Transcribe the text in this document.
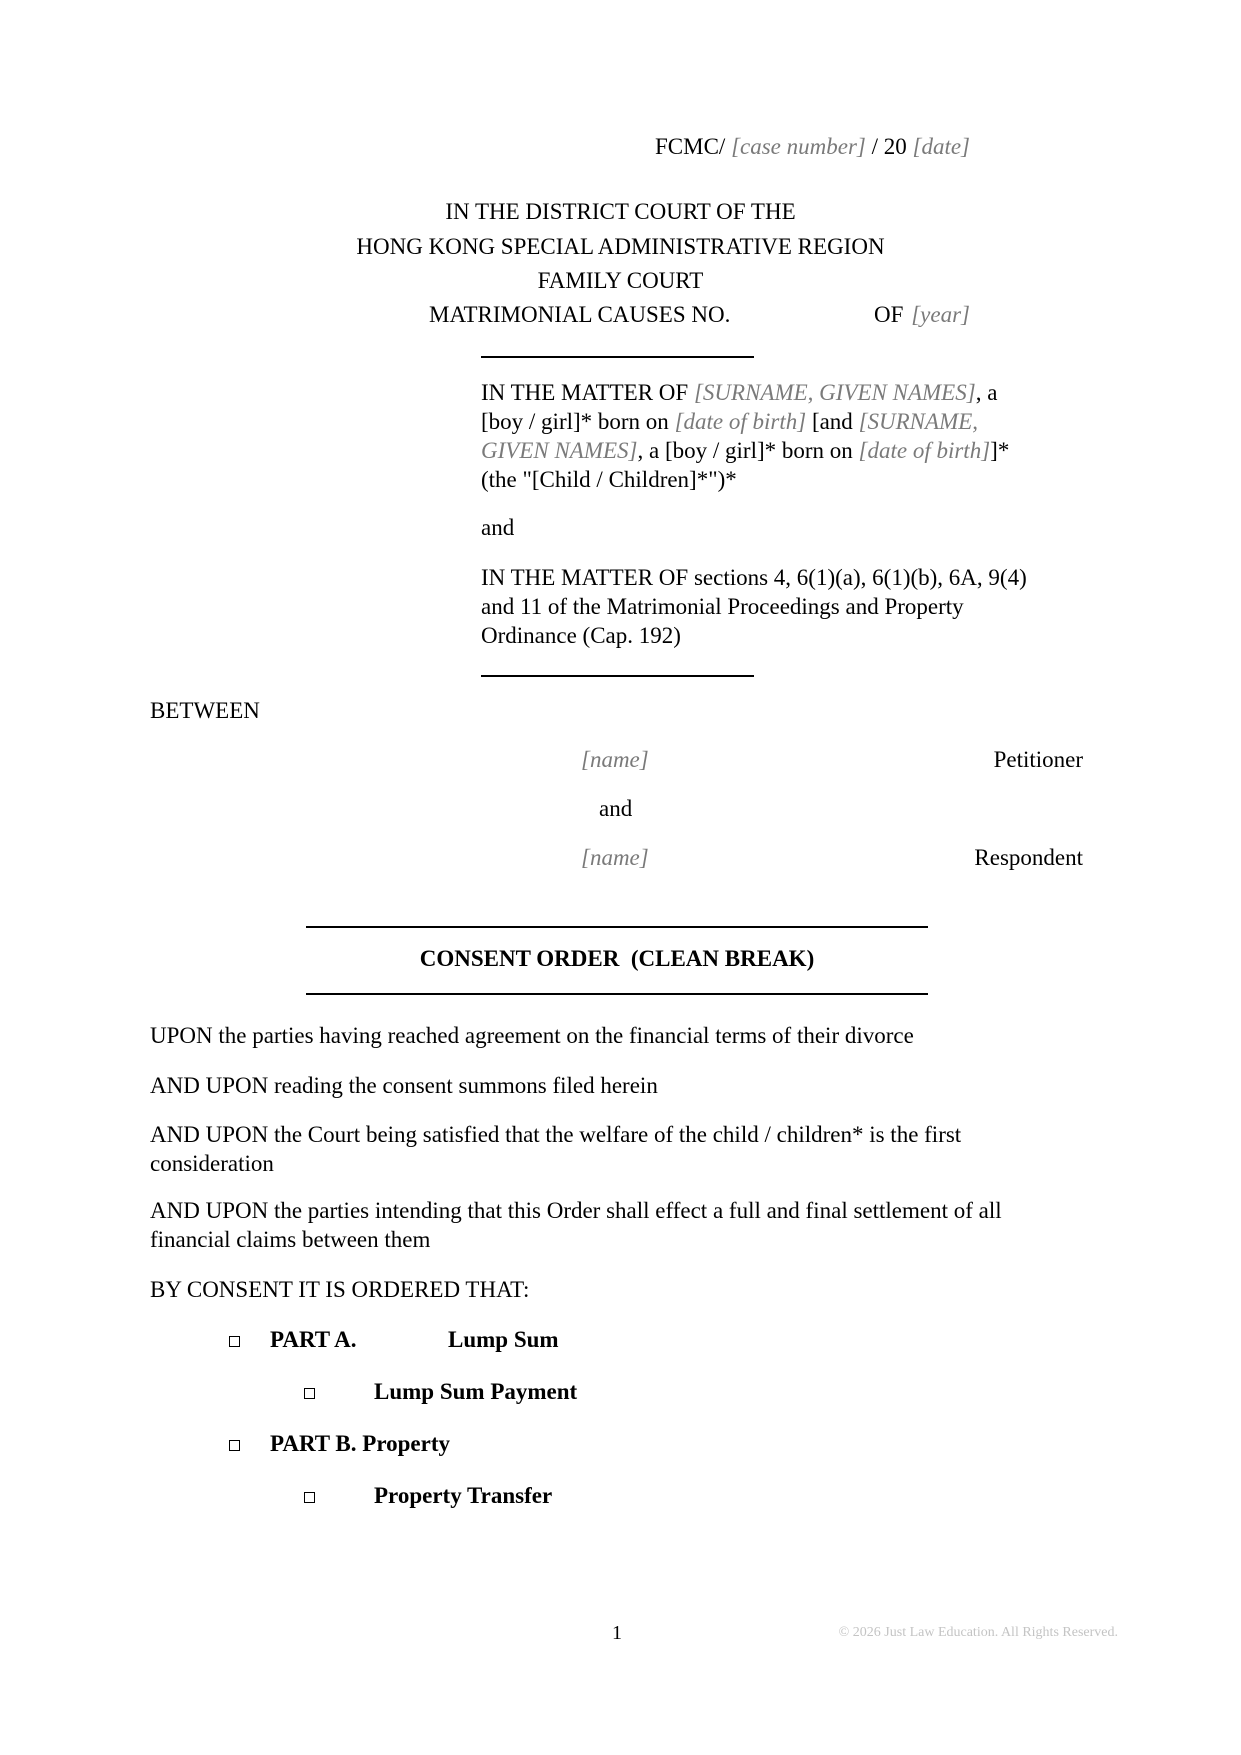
FCMC/ [case number] / 20 [date]
IN THE DISTRICT COURT OF THE
HONG KONG SPECIAL ADMINISTRATIVE REGION
FAMILY COURT
MATRIMONIAL CAUSES NO.	OF [year]
IN THE MATTER OF [SURNAME, GIVEN NAMES], a
[boy / girl]* born on [date of birth] [and [SURNAME,
GIVEN NAMES], a [boy / girl]* born on [date of birth]]*
(the "[Child / Children]*")*
and
IN THE MATTER OF sections 4, 6(1)(a), 6(1)(b), 6A, 9(4)
and 11 of the Matrimonial Proceedings and Property
Ordinance (Cap. 192)
BETWEEN
[name]	Petitioner
and
[name]	Respondent
CONSENT ORDER  (CLEAN BREAK)
UPON the parties having reached agreement on the financial terms of their divorce
AND UPON reading the consent summons filed herein
AND UPON the Court being satisfied that the welfare of the child / children* is the first
consideration
AND UPON the parties intending that this Order shall effect a full and final settlement of all
financial claims between them
BY CONSENT IT IS ORDERED THAT:
PART A.	Lump Sum
Lump Sum Payment
PART B. Property
Property Transfer
1	© 2026 Just Law Education. All Rights Reserved.
